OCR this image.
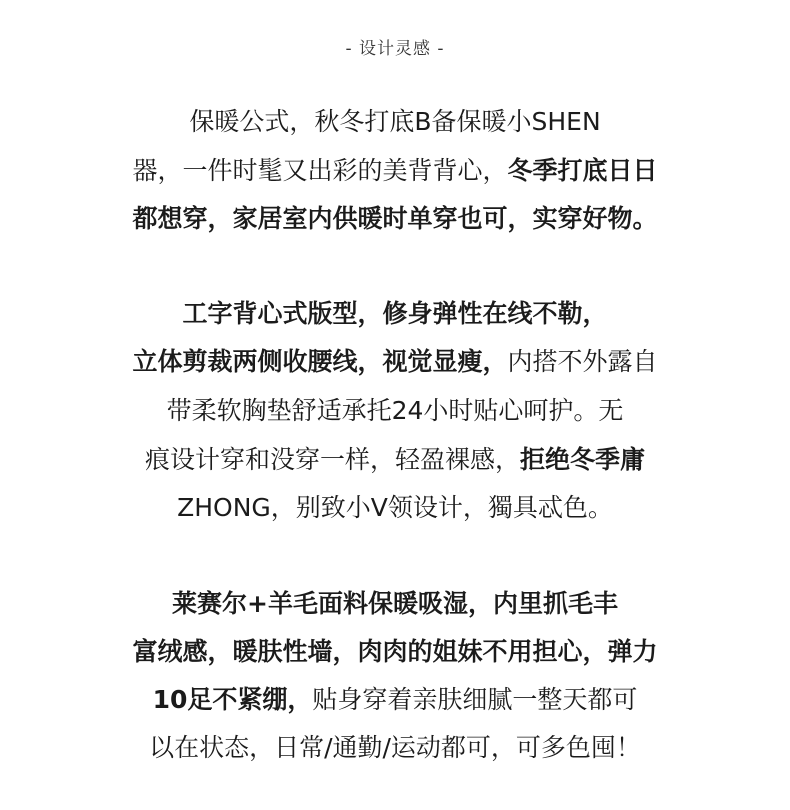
- 设计灵感 -
保暖公式，秋冬打底B备保暖小SHEN
器，一件时髦又出彩的美背背心，冬季打底日日
都想穿，家居室内供暖时单穿也可，实穿好物。
工字背心式版型，修身弹性在线不勒，
立体剪裁两侧收腰线，视觉显瘦，内搭不外露自
带柔软胸垫舒适承托24小时贴心呵护。无
痕设计穿和没穿一样，轻盈裸感，拒绝冬季庸
ZHONG，别致小V领设计，獨具忒色。
莱赛尔+羊毛面料保暖吸湿，内里抓毛丰
富绒感，暖肤性墙，肉肉的姐妹不用担心，弹力
10足不紧绷，贴身穿着亲肤细腻一整天都可
以在状态，日常/通勤/运动都可，可多色囤！
